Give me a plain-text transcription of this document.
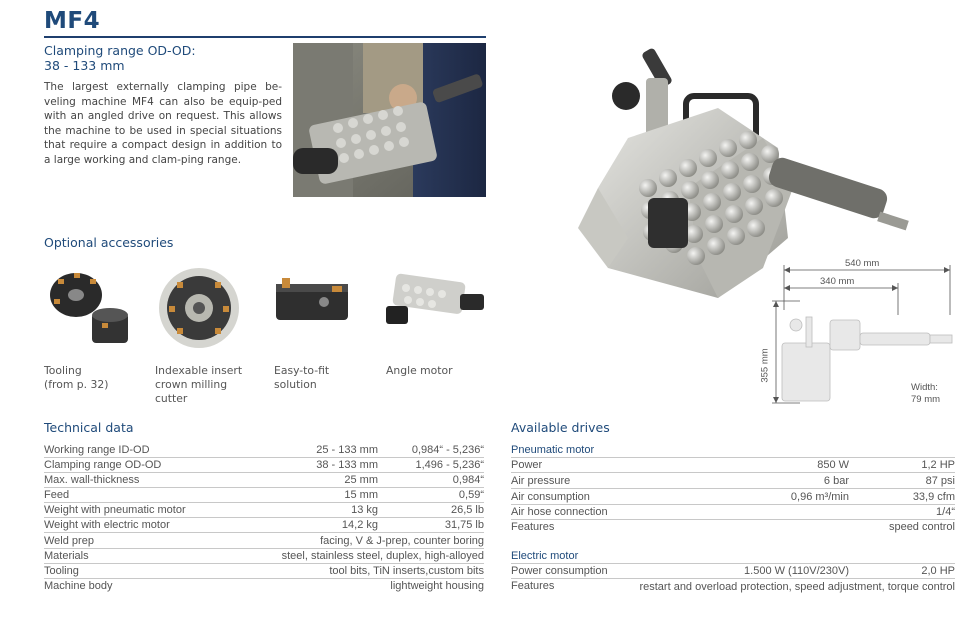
MF4
Clamping range OD-OD:
38 - 133 mm
The largest externally clamping pipe be-veling machine MF4 can also be equip-ped with an angled drive on request. This allows the machine to be used in special situations that require a compact design in addition to a large working and clam-ping range.
Optional accessories
Tooling
(from p. 32)
Indexable insert
crown milling
cutter
Easy-to-fit
solution
Angle motor
540 mm
340 mm
355 mm
Width:
79 mm
Technical data
Working range ID-OD	25 - 133 mm	0,984“ - 5,236“
Clamping range OD-OD	38 - 133 mm	1,496 - 5,236“
Max. wall-thickness	25 mm	0,984“
Feed	15 mm	0,59“
Weight with pneumatic motor	13 kg	26,5 lb
Weight with electric motor	14,2 kg	31,75 lb
Weld prep	facing, V & J-prep, counter boring
Materials	steel, stainless steel, duplex, high-alloyed
Tooling	tool bits, TiN inserts,custom bits
Machine body	lightweight housing
Available drives
Pneumatic motor
Power	850 W	1,2 HP
Air pressure	6 bar	87 psi
Air consumption	0,96 m³/min	33,9 cfm
Air hose connection	1/4“
Features	speed control
Electric motor
Power consumption	1.500 W (110V/230V)	2,0 HP
Features	restart and overload protection, speed adjustment, torque control
